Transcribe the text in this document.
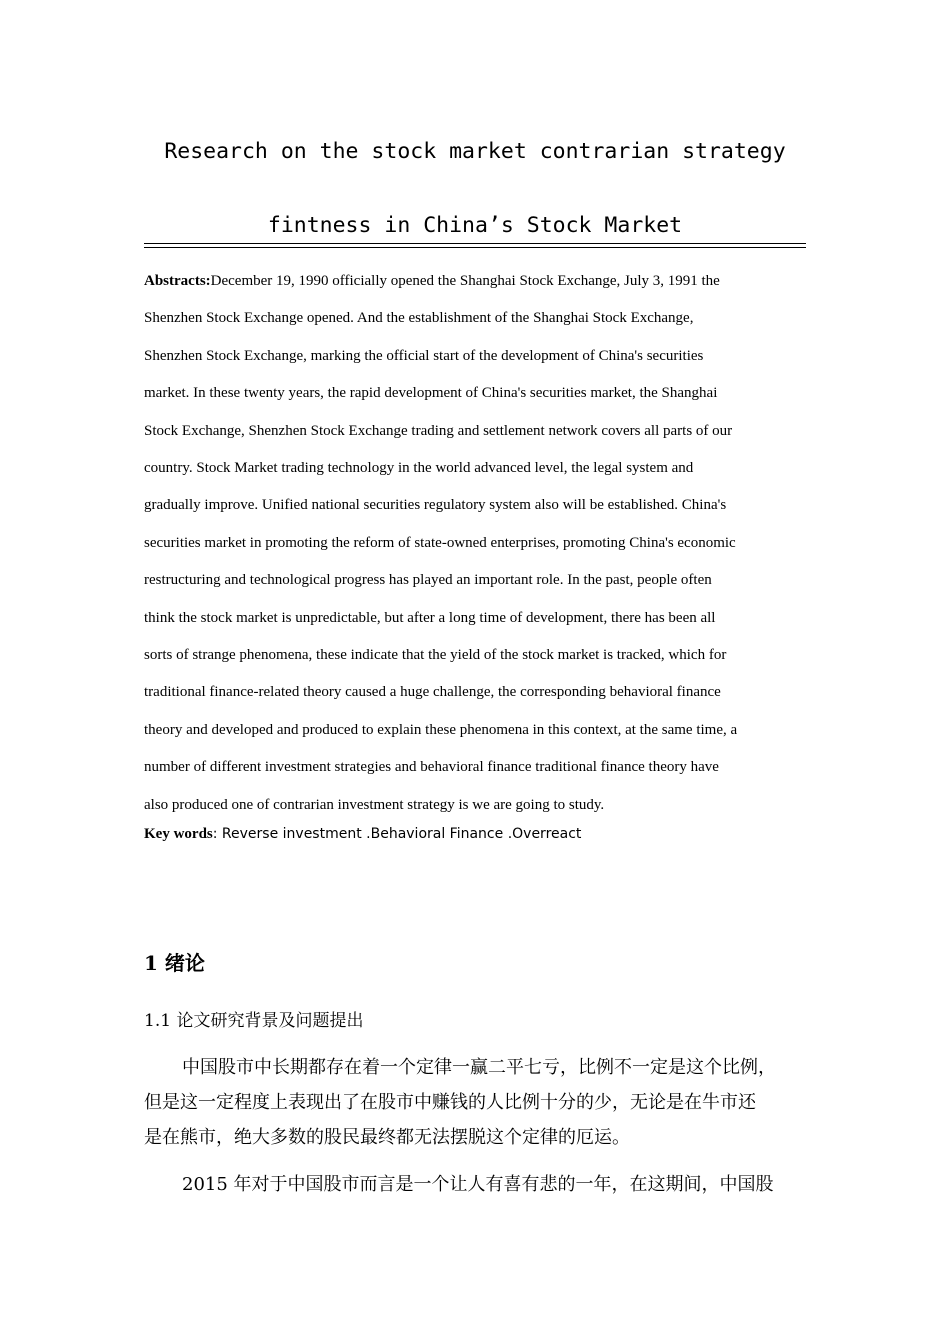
Research on the stock market contrarian strategy
fintness in China’s Stock Market

Abstracts:December 19, 1990 officially opened the Shanghai Stock Exchange, July 3, 1991 the

Shenzhen Stock Exchange opened. And the establishment of the Shanghai Stock Exchange,

Shenzhen Stock Exchange, marking the official start of the development of China's securities

market. In these twenty years, the rapid development of China's securities market, the Shanghai

Stock Exchange, Shenzhen Stock Exchange trading and settlement network covers all parts of our

country. Stock Market trading technology in the world advanced level, the legal system and

gradually improve. Unified national securities regulatory system also will be established. China's

securities market in promoting the reform of state-owned enterprises, promoting China's economic

restructuring and technological progress has played an important role. In the past, people often

think the stock market is unpredictable, but after a long time of development, there has been all

sorts of strange phenomena, these indicate that the yield of the stock market is tracked, which for

traditional finance-related theory caused a huge challenge, the corresponding behavioral finance

theory and developed and produced to explain these phenomena in this context, at the same time, a

number of different investment strategies and behavioral finance traditional finance theory have

also produced one of contrarian investment strategy is we are going to study.

Key words: Reverse investment .Behavioral Finance .Overreact
1 绪论
1.1 论文研究背景及问题提出

中国股市中长期都存在着一个定律一赢二平七亏，比例不一定是这个比例，

但是这一定程度上表现出了在股市中赚钱的人比例十分的少，无论是在牛市还

是在熊市，绝大多数的股民最终都无法摆脱这个定律的厄运。

2015 年对于中国股市而言是一个让人有喜有悲的一年，在这期间，中国股
